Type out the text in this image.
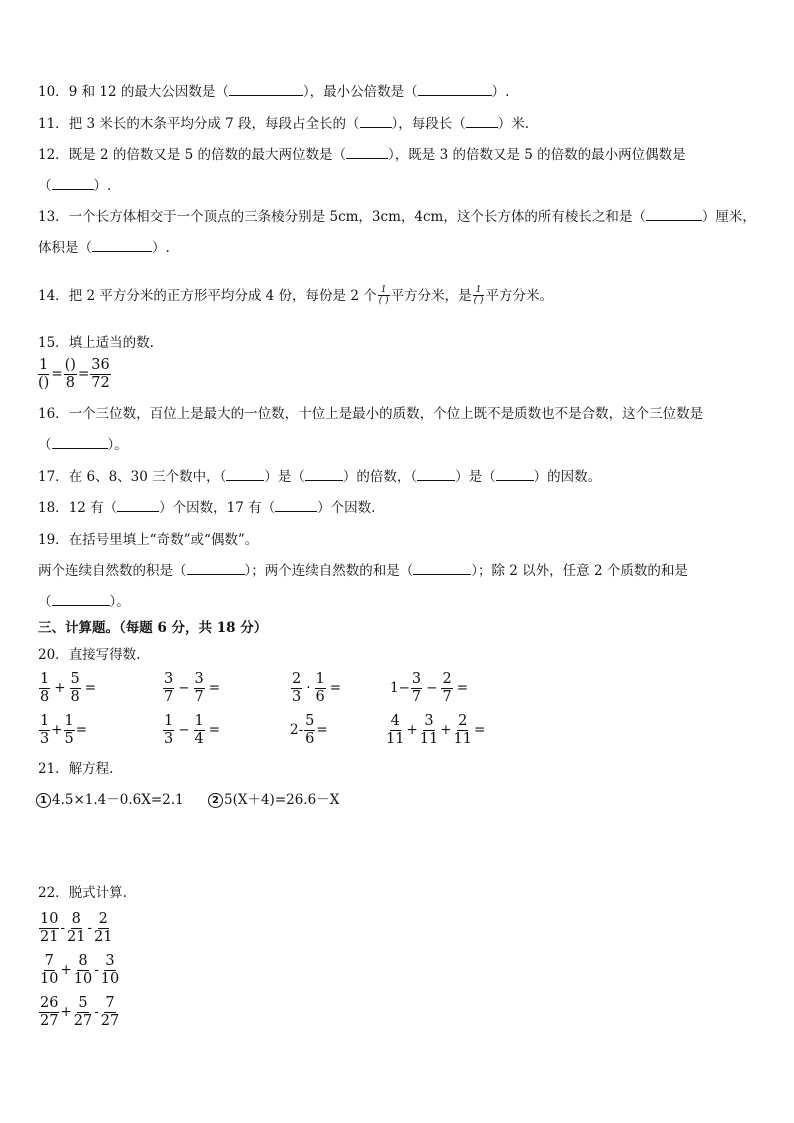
10．9 和 12 的最大公因数是（	），最小公倍数是（	）.
11．把 3 米长的木条平均分成 7 段，每段占全长的（ ），每段长（ ）米.
12．既是 2 的倍数又是 5 的倍数的最大两位数是（	），既是 3 的倍数又是 5 的倍数的最小两位偶数是
（	）.
13．一个长方体相交于一个顶点的三条棱分别是 5cm，3cm，4cm，这个长方体的所有棱长之和是（	）厘米，
体积是（	）.
14． 把 2 平方分米的正方形平均分成 4 份，每份是 2 个 $\frac{1}{( )}$ 平方分米，是 $\frac{1}{( )}$ 平方分米。
15．填上适当的数.
$\frac{1}{()} = \frac{()}{8} = \frac{36}{72}$
16．一个三位数，百位上是最大的一位数，十位上是最小的质数，个位上既不是质数也不是合数，这个三位数是
（	）。
17．在 6、8、30 三个数中，（	）是（	）的倍数，（	）是（	）的因数。
18．12 有（	）个因数，17 有（	）个因数.
19．在括号里填上“奇数”或“偶数”。
两个连续自然数的积是（	）；两个连续自然数的和是（	）；除 2 以外，任意 2 个质数的和是
（	）。
三、计算题。（每题 6 分，共 18 分）
20．直接写得数.
$\frac{1}{8} + \frac{5}{8}$ =	$\frac{3}{7} - \frac{3}{7}$ =	$\frac{2}{3} \cdot \frac{1}{6}$ =	$1- \frac{3}{7} - \frac{2}{7}$ =
$\frac{1}{3} + \frac{1}{5}$ =	$\frac{1}{3} - \frac{1}{4}$ =	$2- \frac{5}{6}$ =	$\frac{4}{11} + \frac{3}{11} + \frac{2}{11}$ =
21．解方程.
1 4.5×1.4－0.6X=2.1	2 5(X＋4)=26.6－X
22．脱式计算.
$\frac{10}{21} - \frac{8}{21} - \frac{2}{21}$
$\frac{7}{10} + \frac{8}{10} - \frac{3}{10}$
$\frac{26}{27} + \frac{5}{27} - \frac{7}{27}$
